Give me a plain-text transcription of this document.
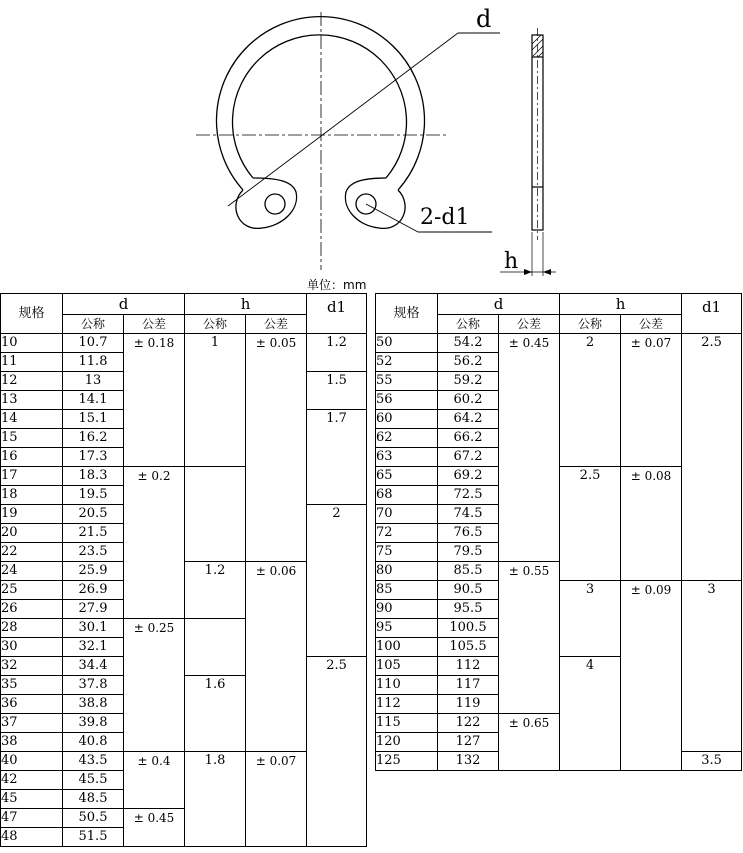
d
2-d1
h
单位：mm
规格	d		h		d1
	公称	公差	公称	公差	
10	10.7	± 0.18	1	± 0.05	1.2
11	11.8				
12	13				1.5
13	14.1				
14	15.1				1.7
15	16.2				
16	17.3				
17	18.3	± 0.2			
18	19.5				
19	20.5				2
20	21.5				
22	23.5				
24	25.9		1.2	± 0.06	
25	26.9				
26	27.9				
28	30.1	± 0.25			
30	32.1				
32	34.4				2.5
35	37.8		1.6		
36	38.8				
37	39.8				
38	40.8				
40	43.5	± 0.4	1.8	± 0.07	
42	45.5				
45	48.5				
47	50.5	± 0.45			
48	51.5				
规格	d		h		d1
	公称	公差	公称	公差	
50	54.2	± 0.45	2	± 0.07	2.5
52	56.2				
55	59.2				
56	60.2				
60	64.2				
62	66.2				
63	67.2				
65	69.2		2.5	± 0.08	
68	72.5				
70	74.5				
72	76.5				
75	79.5				
80	85.5	± 0.55			
85	90.5		3	± 0.09	3
90	95.5				
95	100.5				
100	105.5				
105	112		4		
110	117				
112	119				
115	122	± 0.65			
120	127				
125	132				3.5
